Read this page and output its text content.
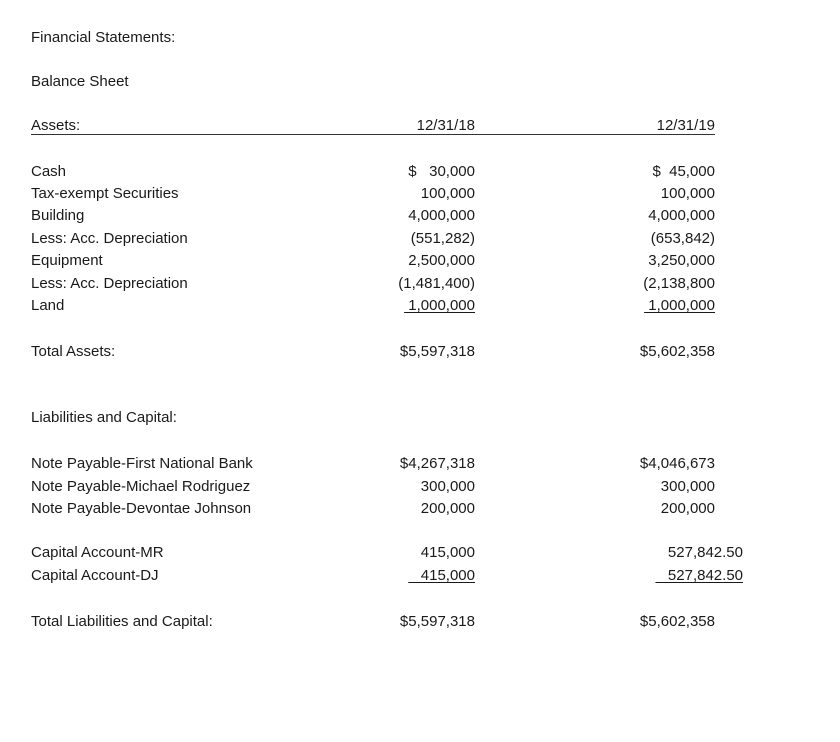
Financial Statements:
Balance Sheet
Assets:	12/31/18	12/31/19
Cash	$   30,000	$  45,000
Tax-exempt Securities	100,000	100,000
Building	4,000,000	4,000,000
Less: Acc. Depreciation	(551,282)	(653,842)
Equipment	2,500,000	3,250,000
Less: Acc. Depreciation	(1,481,400)	(2,138,800
Land	1,000,000	1,000,000
Total Assets:	$5,597,318	$5,602,358
Liabilities and Capital:
Note Payable-First National Bank	$4,267,318	$4,046,673
Note Payable-Michael Rodriguez	300,000	300,000
Note Payable-Devontae Johnson	200,000	200,000
Capital Account-MR	415,000	527,842.50
Capital Account-DJ	415,000	527,842.50
Total Liabilities and Capital:	$5,597,318	$5,602,358
